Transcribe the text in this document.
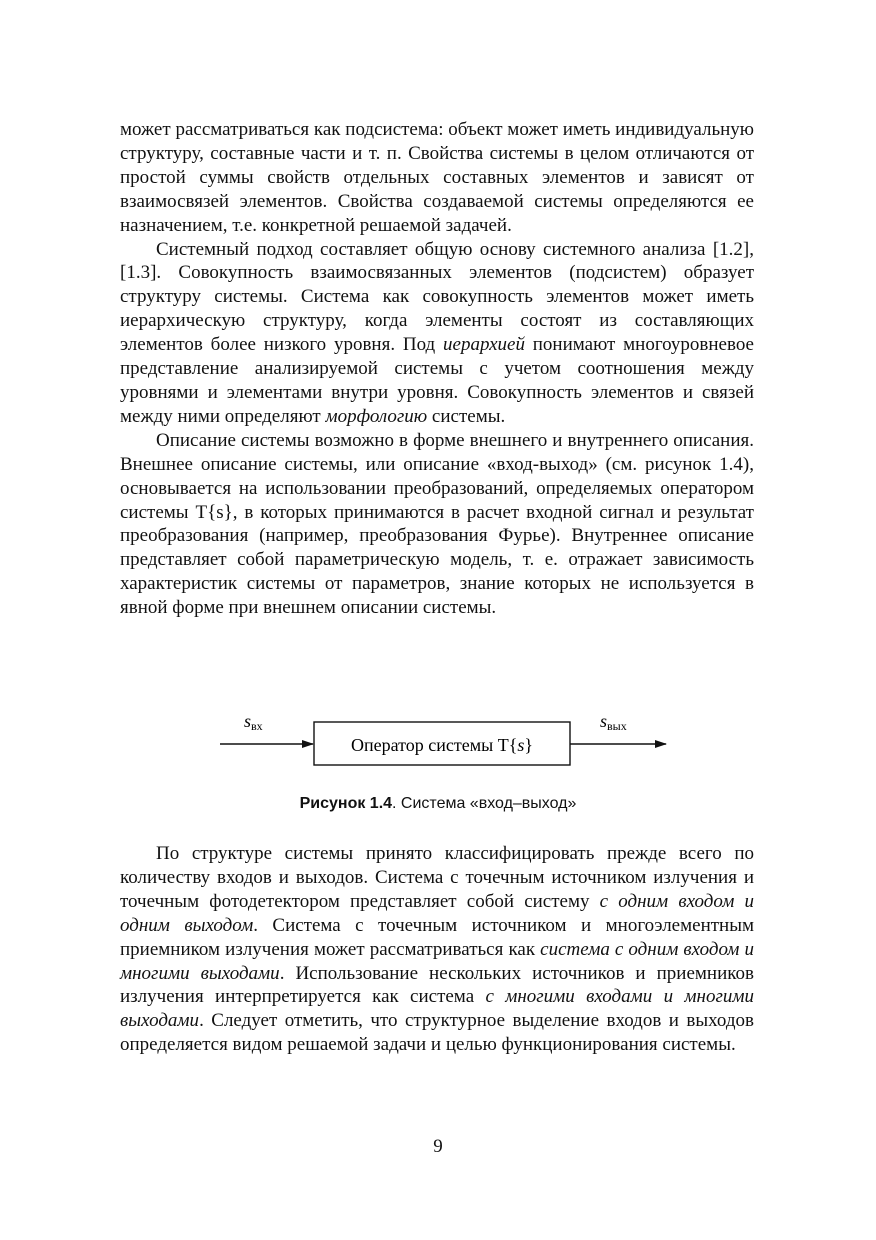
может рассматриваться как подсистема: объект может иметь индивидуальную структуру, составные части и т. п. Свойства системы в целом отличаются от простой суммы свойств отдельных составных элементов и зависят от взаимосвязей элементов. Свойства создаваемой системы определяются ее назначением, т.е. конкретной решаемой задачей.

Системный подход составляет общую основу системного анализа [1.2], [1.3]. Совокупность взаимосвязанных элементов (подсистем) образует структуру системы. Система как совокупность элементов может иметь иерархическую структуру, когда элементы состоят из составляющих элементов более низкого уровня. Под иерархией понимают многоуровневое представление анализируемой системы с учетом соотношения между уровнями и элементами внутри уровня. Совокупность элементов и связей между ними определяют морфологию системы.

Описание системы возможно в форме внешнего и внутреннего описания. Внешнее описание системы, или описание «вход-выход» (см. рисунок 1.4), основывается на использовании преобразований, определяемых оператором системы T{s}, в которых принимаются в расчет входной сигнал и результат преобразования (например, преобразования Фурье). Внутреннее описание представляет собой параметрическую модель, т. е. отражает зависимость характеристик системы от параметров, знание которых не используется в явной форме при внешнем описании системы.

Оператор системы T{s}
sвх	sвых
Рисунок 1.4. Система «вход–выход»

По структуре системы принято классифицировать прежде всего по количеству входов и выходов. Система с точечным источником излучения и точечным фотодетектором представляет собой систему с одним входом и одним выходом. Система с точечным источником и многоэлементным приемником излучения может рассматриваться как система с одним входом и многими выходами. Использование нескольких источников и приемников излучения интерпретируется как система с многими входами и многими выходами. Следует отметить, что структурное выделение входов и выходов определяется видом решаемой задачи и целью функционирования системы.

9
